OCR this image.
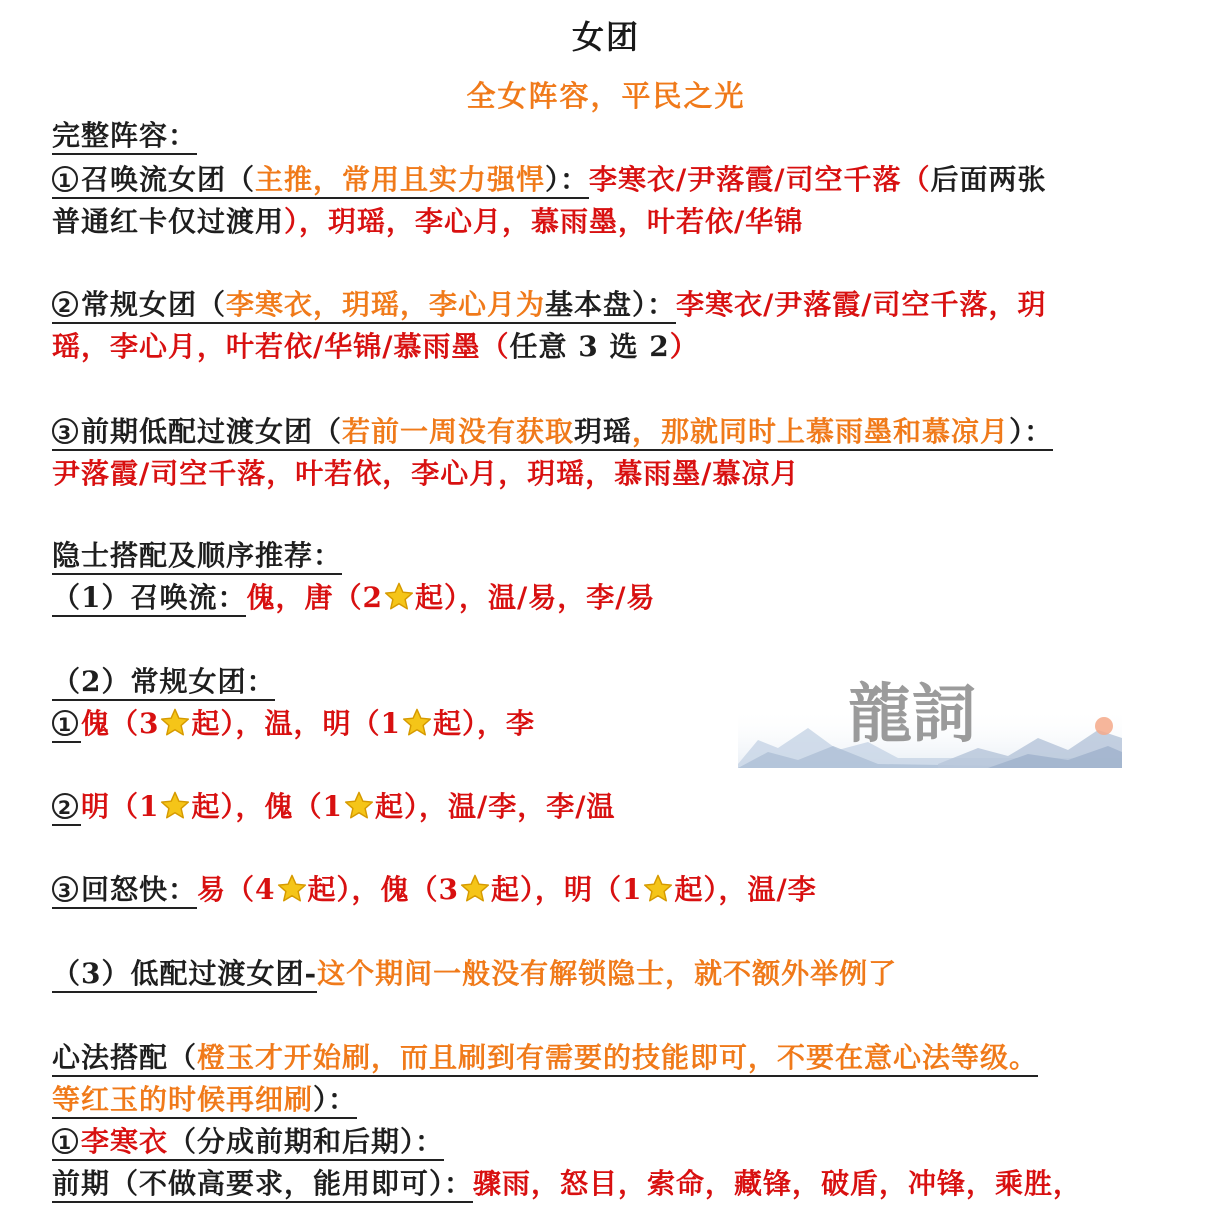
女团
全女阵容，平民之光
完整阵容：
1 召唤流女团（主推，常用且实力强悍）：李寒衣/尹落霞/司空千落（后面两张
普通红卡仅过渡用），玥瑶，李心月，慕雨墨，叶若依/华锦
2 常规女团（李寒衣，玥瑶，李心月为基本盘）：李寒衣/尹落霞/司空千落，玥
瑶，李心月，叶若依/华锦/慕雨墨（任意 3 选 2）
3 前期低配过渡女团（若前一周没有获取玥瑶，那就同时上慕雨墨和慕凉月）：
尹落霞/司空千落，叶若依，李心月，玥瑶，慕雨墨/慕凉月
隐士搭配及顺序推荐：
（1）召唤流：傀，唐（2 起），温/易，李/易
（2）常规女团：
1 傀（3 起），温，明（1 起），李
2 明（1 起），傀（1 起），温/李，李/温
3 回怒快：易（4 起），傀（3 起），明（1 起），温/李
（3）低配过渡女团-这个期间一般没有解锁隐士，就不额外举例了
心法搭配（橙玉才开始刷，而且刷到有需要的技能即可，不要在意心法等级。
等红玉的时候再细刷）：
1 李寒衣（分成前期和后期）：
前期（不做高要求，能用即可）：骤雨，怒目，索命，藏锋，破盾，冲锋，乘胜，
龍詞
